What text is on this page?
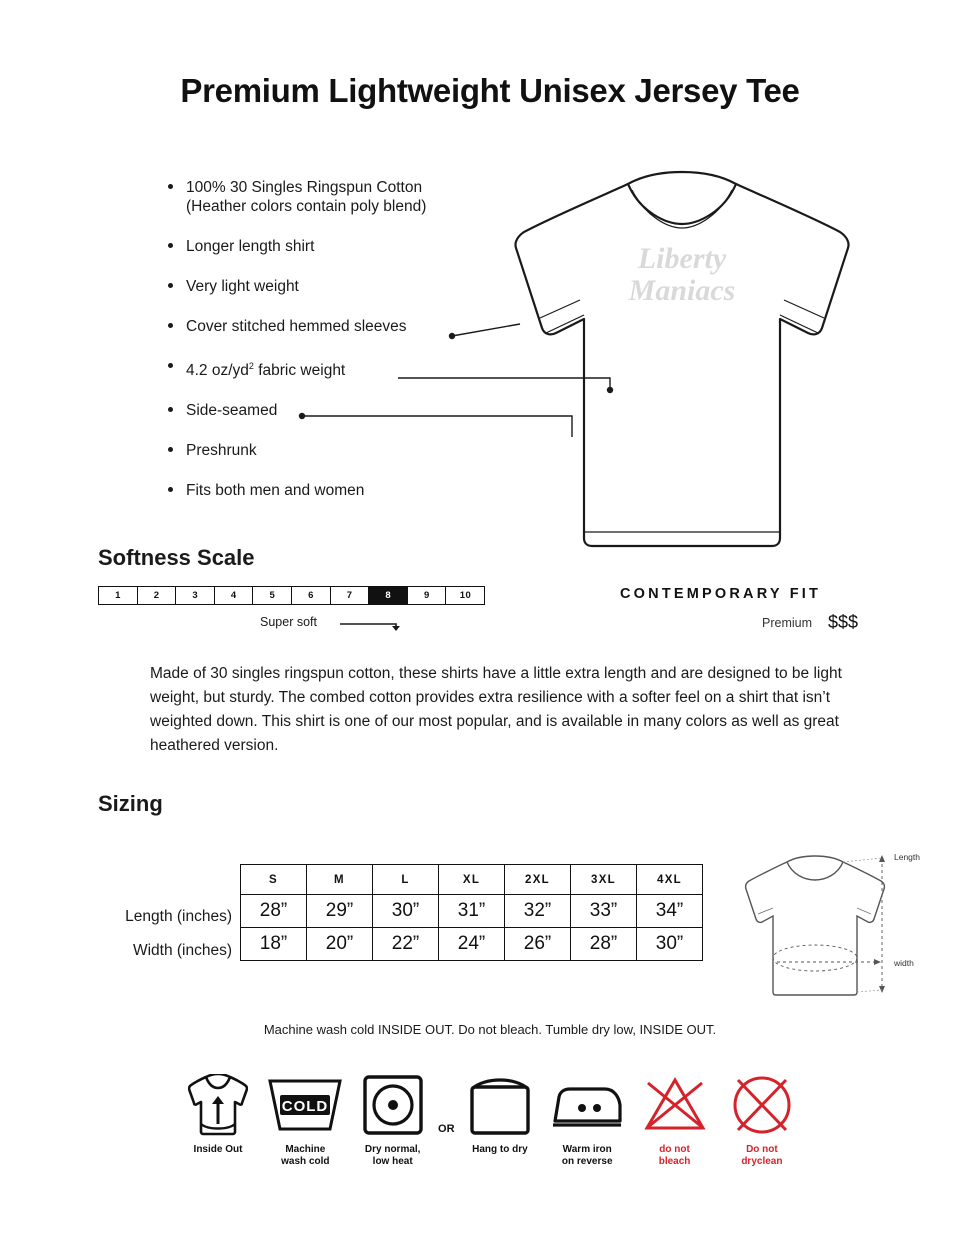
Premium Lightweight Unisex Jersey Tee
100% 30 Singles Ringspun Cotton
(Heather colors contain poly blend)
Longer length shirt
Very light weight
Cover stitched hemmed sleeves
4.2 $oz/yd^2$ fabric weight
Side-seamed
Preshrunk
Fits both men and women
Liberty
Maniacs
Softness Scale
1	2	3	4	5	6	7	8	9	10
Super soft
CONTEMPORARY FIT
Premium $$$
Made of 30 singles ringspun cotton, these shirts have a little extra length and are designed to be light weight, but sturdy. The combed cotton provides extra resilience with a softer feel on a shirt that isn’t weighted down. This shirt is one of our most popular, and is available in many colors as well as great heathered version.
Sizing
Length (inches)
Width (inches)
S	M	L	XL	2XL	3XL	4XL
28”	29”	30”	31”	32”	33”	34”
18”	20”	22”	24”	26”	28”	30”
Length
width
Machine wash cold INSIDE OUT. Do not bleach. Tumble dry low, INSIDE OUT.
Inside Out
COLD
Machine
wash cold
Dry normal,
low heat
OR
Hang to dry	Warm iron
on reverse
do not
bleach
Do not
dryclean
